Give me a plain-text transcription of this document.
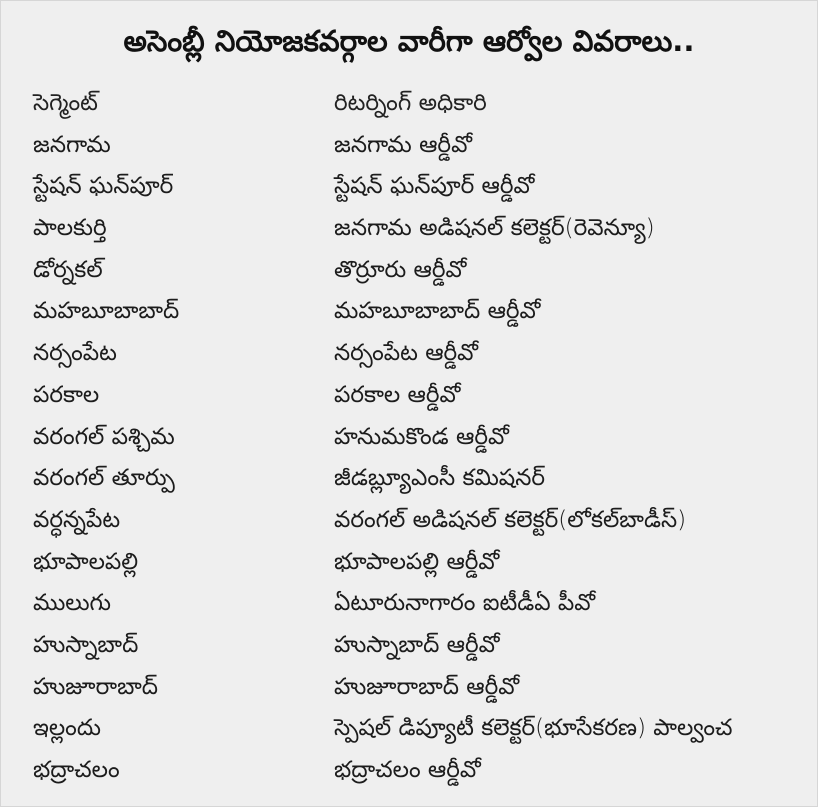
అసెంబ్లీ నియోజకవర్గాల వారీగా ఆర్వోల వివరాలు..
సెగ్మెంట్	రిటర్నింగ్ అధికారి
జనగామ	జనగామ ఆర్డీవో
స్టేషన్ ఘన్‌పూర్	స్టేషన్ ఘన్‌పూర్ ఆర్డీవో
పాలకుర్తి	జనగామ అడిషనల్ కలెక్టర్(రెవెన్యూ)
డోర్నకల్	తొర్రూరు ఆర్డీవో
మహబూబాబాద్	మహబూబాబాద్ ఆర్డీవో
నర్సంపేట	నర్సంపేట ఆర్డీవో
పరకాల	పరకాల ఆర్డీవో
వరంగల్ పశ్చిమ	హనుమకొండ ఆర్డీవో
వరంగల్ తూర్పు	జీడబ్ల్యూఎంసీ కమిషనర్
వర్ధన్నపేట	వరంగల్ అడిషనల్ కలెక్టర్(లోకల్‌బాడీస్)
భూపాలపల్లి	భూపాలపల్లి ఆర్డీవో
ములుగు	ఏటూరునాగారం ఐటీడీఏ పీవో
హుస్నాబాద్	హుస్నాబాద్ ఆర్డీవో
హుజూరాబాద్	హుజూరాబాద్ ఆర్డీవో
ఇల్లందు	స్పెషల్ డిప్యూటీ కలెక్టర్(భూసేకరణ) పాల్వంచ
భద్రాచలం	భద్రాచలం ఆర్డీవో
